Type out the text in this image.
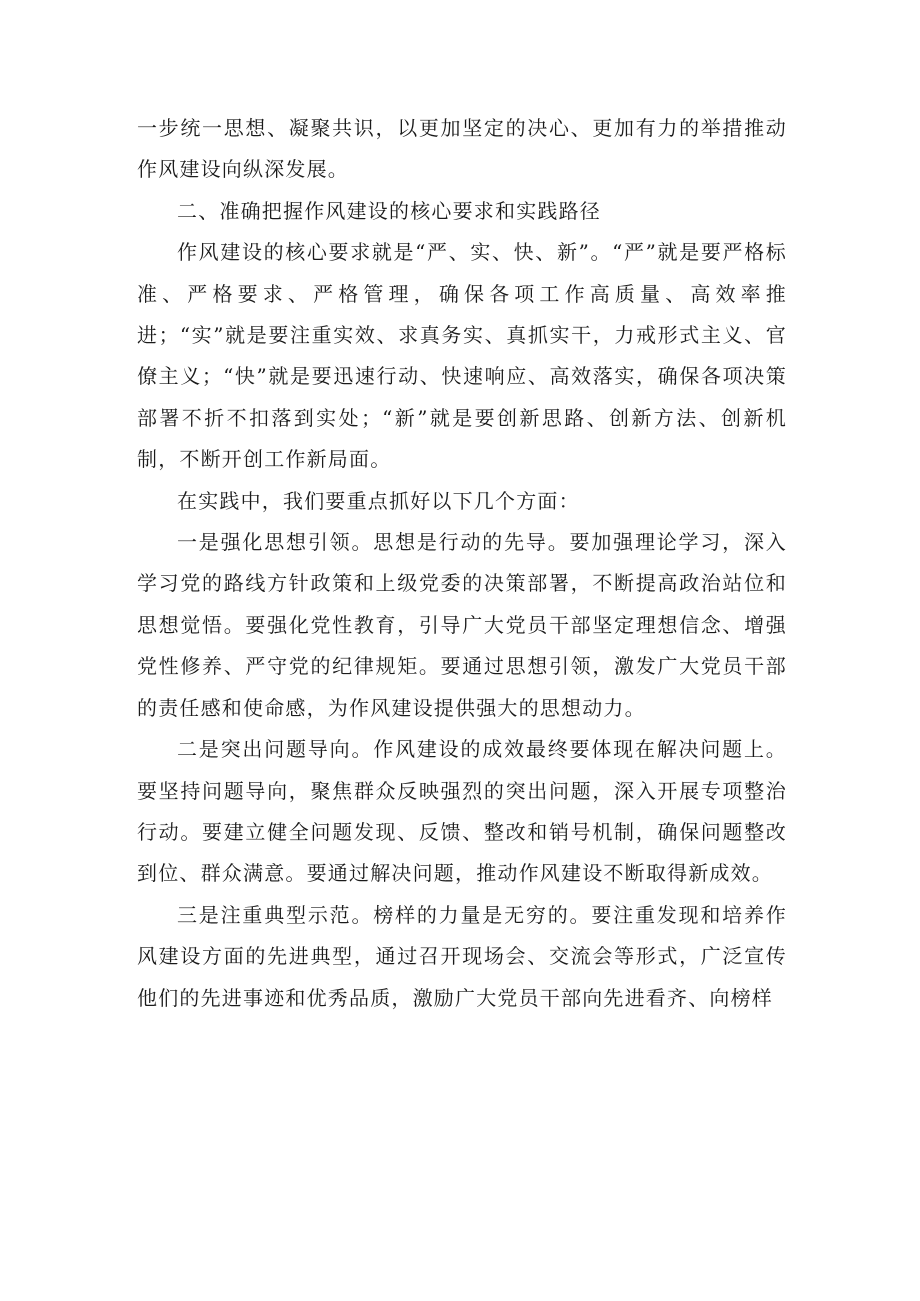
一步统一思想、凝聚共识，以更加坚定的决心、更加有力的举措推动作风建设向纵深发展。

二、准确把握作风建设的核心要求和实践路径

作风建设的核心要求就是“严、实、快、新”。“严”就是要严格标准、严格要求、严格管理，确保各项工作高质量、高效率推进；“实”就是要注重实效、求真务实、真抓实干，力戒形式主义、官僚主义；“快”就是要迅速行动、快速响应、高效落实，确保各项决策部署不折不扣落到实处；“新”就是要创新思路、创新方法、创新机制，不断开创工作新局面。

在实践中，我们要重点抓好以下几个方面：

一是强化思想引领。思想是行动的先导。要加强理论学习，深入学习党的路线方针政策和上级党委的决策部署，不断提高政治站位和思想觉悟。要强化党性教育，引导广大党员干部坚定理想信念、增强党性修养、严守党的纪律规矩。要通过思想引领，激发广大党员干部的责任感和使命感，为作风建设提供强大的思想动力。

二是突出问题导向。作风建设的成效最终要体现在解决问题上。要坚持问题导向，聚焦群众反映强烈的突出问题，深入开展专项整治行动。要建立健全问题发现、反馈、整改和销号机制，确保问题整改到位、群众满意。要通过解决问题，推动作风建设不断取得新成效。

三是注重典型示范。榜样的力量是无穷的。要注重发现和培养作风建设方面的先进典型，通过召开现场会、交流会等形式，广泛宣传他们的先进事迹和优秀品质，激励广大党员干部向先进看齐、向榜样
